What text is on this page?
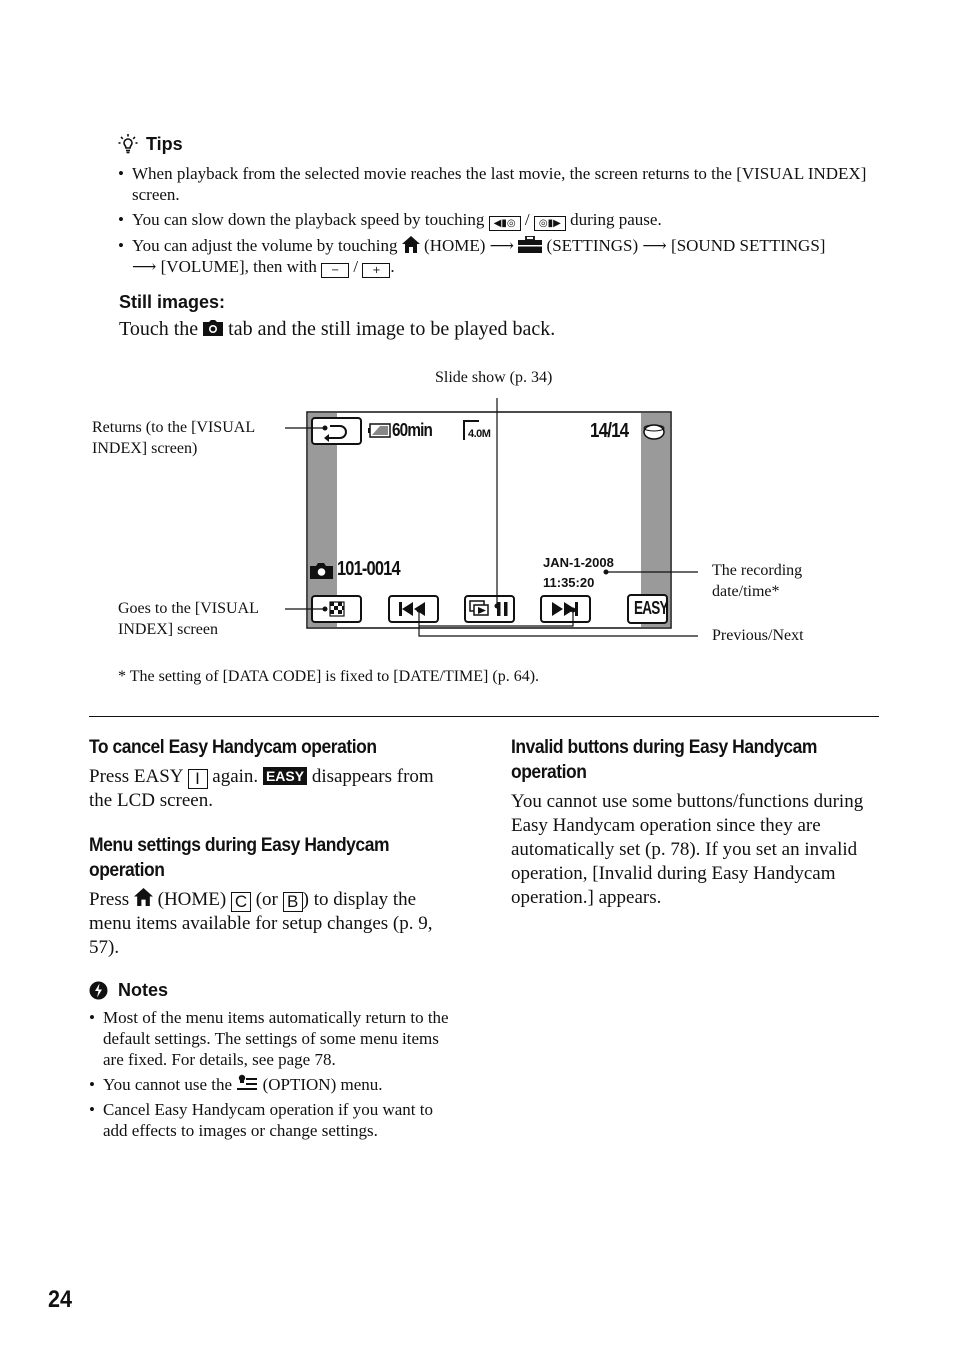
Tips
• When playback from the selected movie reaches the last movie, the screen returns to the [VISUAL INDEX] screen.
• You can slow down the playback speed by touching ◀▮◎ / ◎▮▶ during pause.
• You can adjust the volume by touching (HOME) ⟶ (SETTINGS) ⟶ [SOUND SETTINGS]
⟶ [VOLUME], then with − / + .
Still images:
Touch the tab and the still image to be played back.
Slide show (p. 34)
Returns (to the [VISUAL INDEX] screen)
Goes to the [VISUAL INDEX] screen
The recording date/time*
Previous/Next
60min	4.0M	14/14
101-0014	JAN-1-2008
11:35:20
EASY
* The setting of [DATA CODE] is fixed to [DATE/TIME] (p. 64).
To cancel Easy Handycam operation
Press EASY I again. EASY disappears from the LCD screen.
Menu settings during Easy Handycam operation
Press (HOME) C (or B ) to display the menu items available for setup changes (p. 9, 57).
Notes
• Most of the menu items automatically return to the default settings. The settings of some menu items are fixed. For details, see page 78.
• You cannot use the (OPTION) menu.
• Cancel Easy Handycam operation if you want to add effects to images or change settings.
Invalid buttons during Easy Handycam operation
You cannot use some buttons/functions during Easy Handycam operation since they are automatically set (p. 78). If you set an invalid operation, [Invalid during Easy Handycam operation.] appears.
24
